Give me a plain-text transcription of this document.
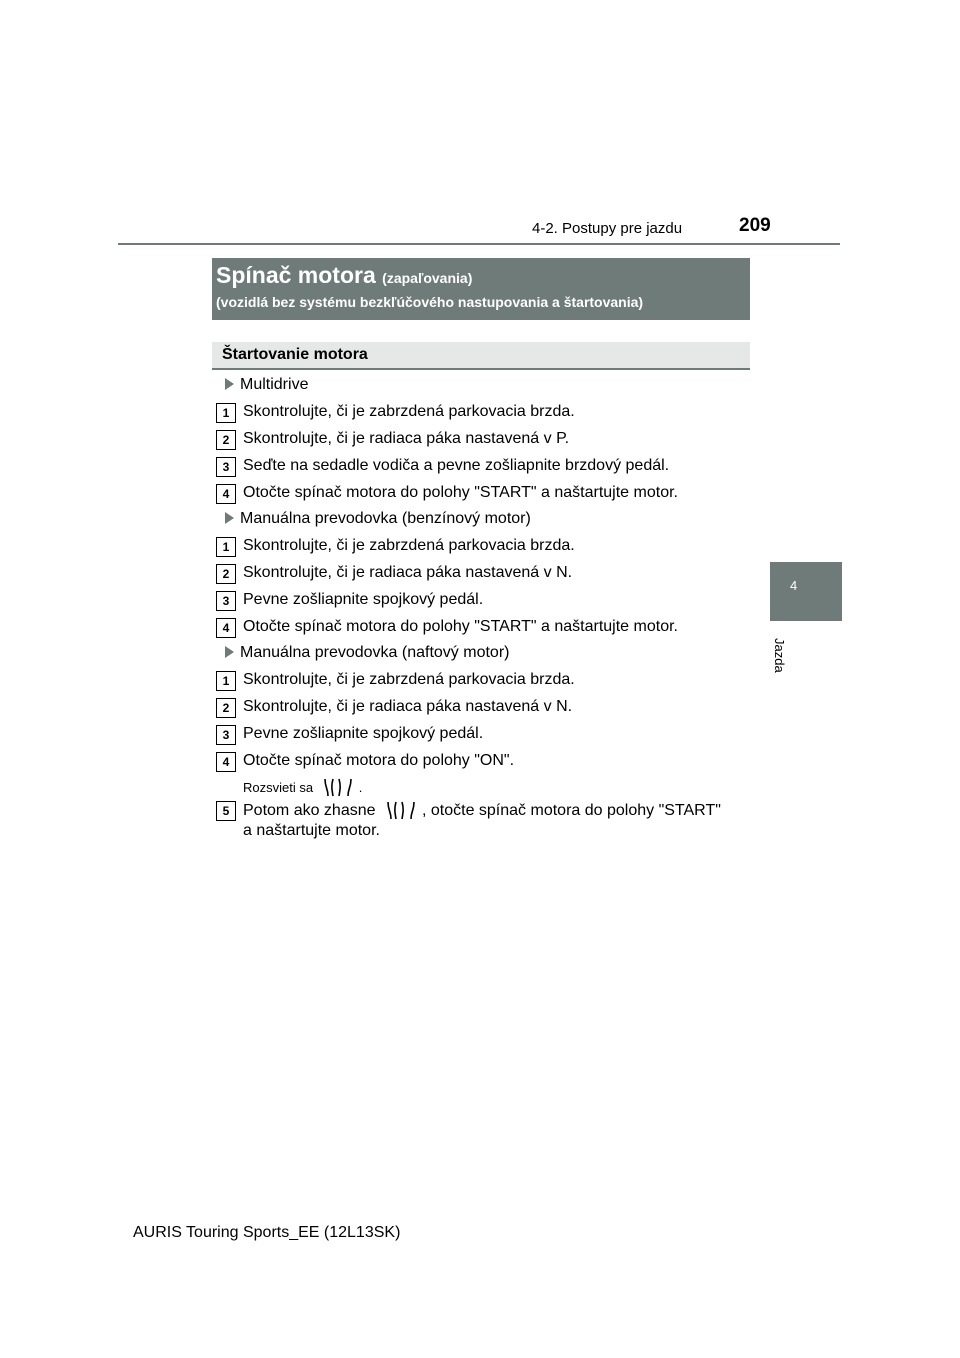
4-2. Postupy pre jazdu	209
4
Jazda
Spínač motora (zapaľovania)
(vozidlá bez systému bezkľúčového nastupovania a štartovania)
Štartovanie motora
Multidrive
1 Skontrolujte, či je zabrzdená parkovacia brzda.
2 Skontrolujte, či je radiaca páka nastavená v P.
3 Seďte na sedadle vodiča a pevne zošliapnite brzdový pedál.
4 Otočte spínač motora do polohy "START" a naštartujte motor.
Manuálna prevodovka (benzínový motor)
1 Skontrolujte, či je zabrzdená parkovacia brzda.
2 Skontrolujte, či je radiaca páka nastavená v N.
3 Pevne zošliapnite spojkový pedál.
4 Otočte spínač motora do polohy "START" a naštartujte motor.
Manuálna prevodovka (naftový motor)
1 Skontrolujte, či je zabrzdená parkovacia brzda.
2 Skontrolujte, či je radiaca páka nastavená v N.
3 Pevne zošliapnite spojkový pedál.
4 Otočte spínač motora do polohy "ON".
Rozsvieti sa	.
5 Potom ako zhasne	, otočte spínač motora do polohy "START"
a naštartujte motor.
AURIS Touring Sports_EE (12L13SK)
